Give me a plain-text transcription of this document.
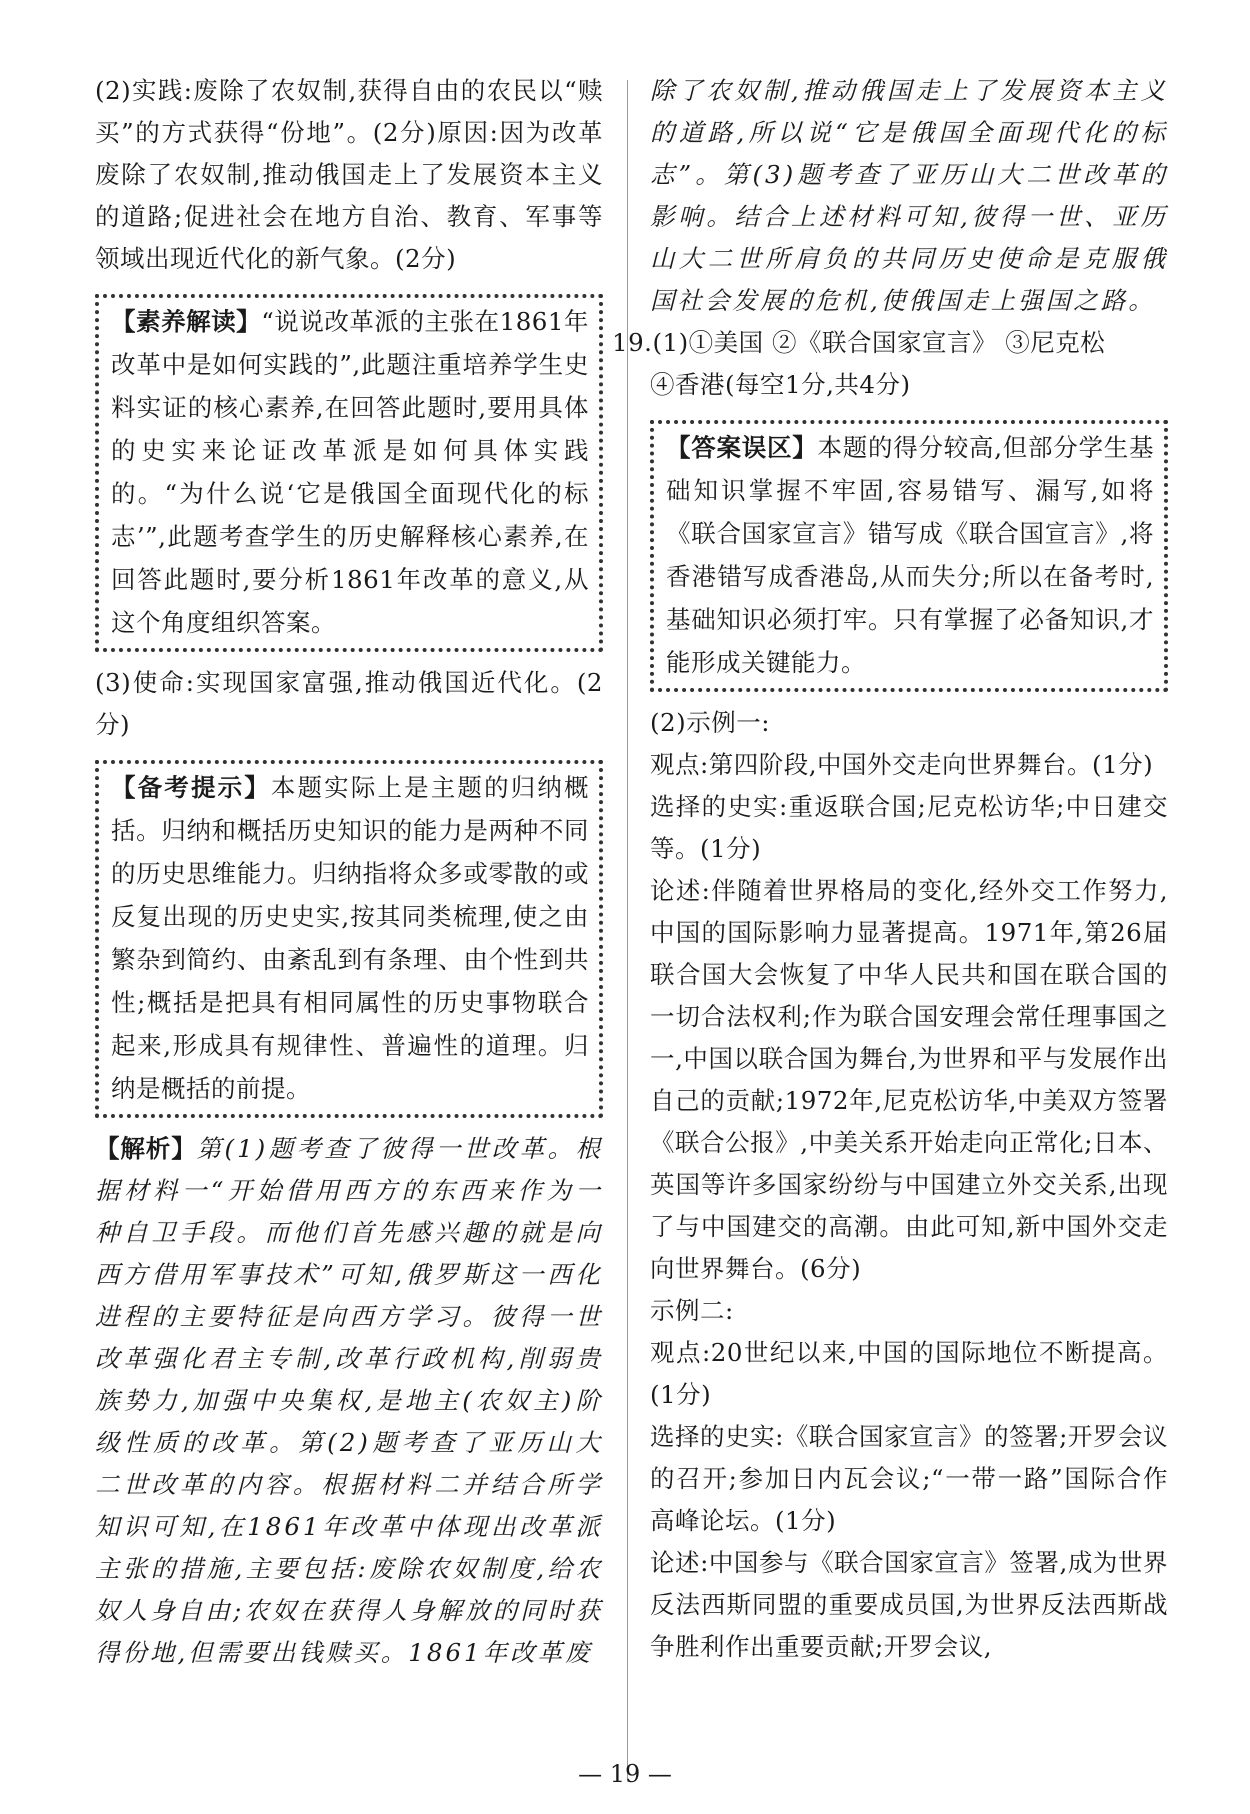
(2)实践:废除了农奴制,获得自由的农民以“赎买”的方式获得“份地”。(2分)原因:因为改革废除了农奴制,推动俄国走上了发展资本主义的道路;促进社会在地方自治、教育、军事等领域出现近代化的新气象。(2分)

【素养解读】“说说改革派的主张在1861年改革中是如何实践的”,此题注重培养学生史料实证的核心素养,在回答此题时,要用具体的史实来论证改革派是如何具体实践的。“为什么说‘它是俄国全面现代化的标志’”,此题考查学生的历史解释核心素养,在回答此题时,要分析1861年改革的意义,从这个角度组织答案。

(3)使命:实现国家富强,推动俄国近代化。(2分)

【备考提示】本题实际上是主题的归纳概括。归纳和概括历史知识的能力是两种不同的历史思维能力。归纳指将众多或零散的或反复出现的历史史实,按其同类梳理,使之由繁杂到简约、由紊乱到有条理、由个性到共性;概括是把具有相同属性的历史事物联合起来,形成具有规律性、普遍性的道理。归纳是概括的前提。

【解析】第(1)题考查了彼得一世改革。根据材料一“开始借用西方的东西来作为一种自卫手段。而他们首先感兴趣的就是向西方借用军事技术”可知,俄罗斯这一西化进程的主要特征是向西方学习。彼得一世改革强化君主专制,改革行政机构,削弱贵族势力,加强中央集权,是地主(农奴主)阶级性质的改革。第(2)题考查了亚历山大二世改革的内容。根据材料二并结合所学知识可知,在1861年改革中体现出改革派主张的措施,主要包括:废除农奴制度,给农奴人身自由;农奴在获得人身解放的同时获得份地,但需要出钱赎买。1861年改革废

除了农奴制,推动俄国走上了发展资本主义的道路,所以说“它是俄国全面现代化的标志”。第(3)题考查了亚历山大二世改革的影响。结合上述材料可知,彼得一世、亚历山大二世所肩负的共同历史使命是克服俄国社会发展的危机,使俄国走上强国之路。

19.(1)①美国 ②《联合国家宣言》 ③尼克松

④香港(每空1分,共4分)

【答案误区】本题的得分较高,但部分学生基础知识掌握不牢固,容易错写、漏写,如将《联合国家宣言》错写成《联合国宣言》,将香港错写成香港岛,从而失分;所以在备考时,基础知识必须打牢。只有掌握了必备知识,才能形成关键能力。

(2)示例一:

观点:第四阶段,中国外交走向世界舞台。(1分)

选择的史实:重返联合国;尼克松访华;中日建交等。(1分)

论述:伴随着世界格局的变化,经外交工作努力,中国的国际影响力显著提高。1971年,第26届联合国大会恢复了中华人民共和国在联合国的一切合法权利;作为联合国安理会常任理事国之一,中国以联合国为舞台,为世界和平与发展作出自己的贡献;1972年,尼克松访华,中美双方签署《联合公报》,中美关系开始走向正常化;日本、英国等许多国家纷纷与中国建立外交关系,出现了与中国建交的高潮。由此可知,新中国外交走向世界舞台。(6分)

示例二:

观点:20世纪以来,中国的国际地位不断提高。(1分)

选择的史实:《联合国家宣言》的签署;开罗会议的召开;参加日内瓦会议;“一带一路”国际合作高峰论坛。(1分)

论述:中国参与《联合国家宣言》签署,成为世界反法西斯同盟的重要成员国,为世界反法西斯战争胜利作出重要贡献;开罗会议,

— 19 —
